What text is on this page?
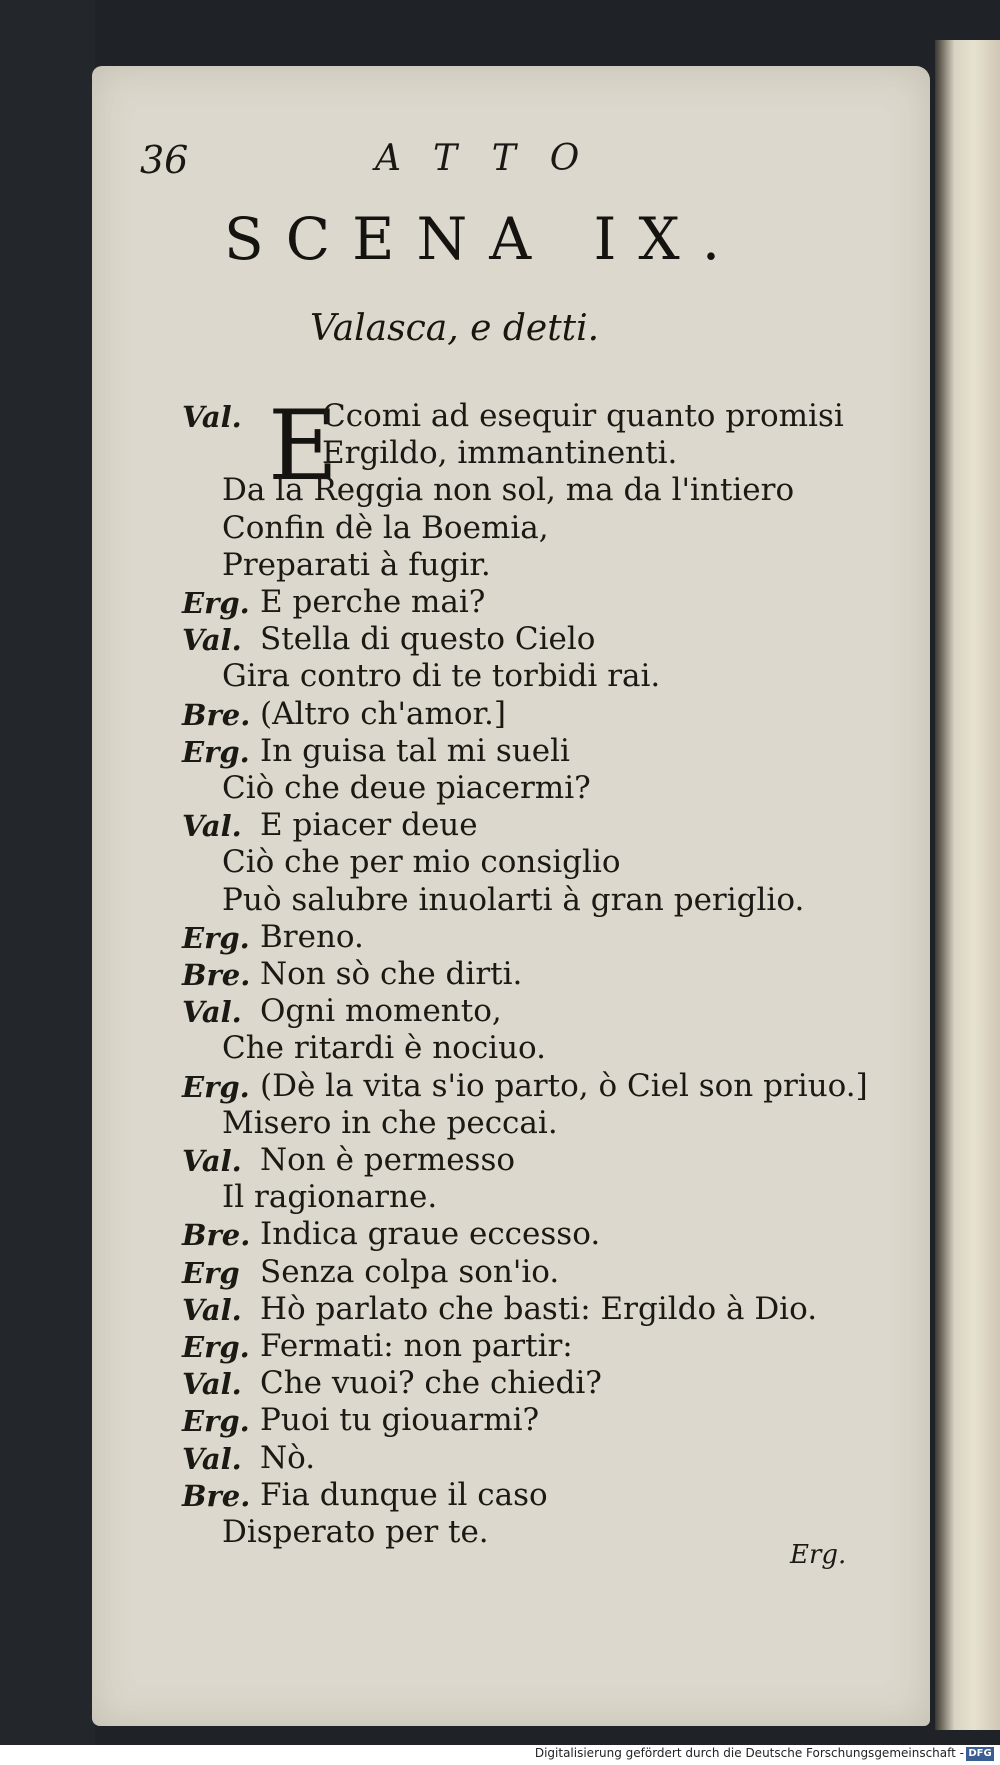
36	ATTO
SCENA IX.
Valasca, e detti.
E
Val.	Ccomi ad esequir quanto promisi
Ergildo, immantinenti.
Da la Reggia non sol, ma da l'intiero
Confin dè la Boemia,
Preparati à fugir.
Erg. E perche mai?
Val. Stella di questo Cielo
Gira contro di te torbidi rai.
Bre. (Altro ch'amor.]
Erg. In guisa tal mi sueli
Ciò che deue piacermi?
Val. E piacer deue
Ciò che per mio consiglio
Può salubre inuolarti à gran periglio.
Erg. Breno.
Bre. Non sò che dirti.
Val. Ogni momento,
Che ritardi è nociuo.
Erg. (Dè la vita s'io parto, ò Ciel son priuo.]
Misero in che peccai.
Val. Non è permesso
Il ragionarne.
Bre. Indica graue eccesso.
Erg Senza colpa son'io.
Val. Hò parlato che basti: Ergildo à Dio.
Erg. Fermati: non partir:
Val. Che vuoi? che chiedi?
Erg. Puoi tu giouarmi?
Val. Nò.
Bre. Fia dunque il caso
Disperato per te.
Erg.
Digitalisierung gefördert durch die Deutsche Forschungsgemeinschaft - DFG
